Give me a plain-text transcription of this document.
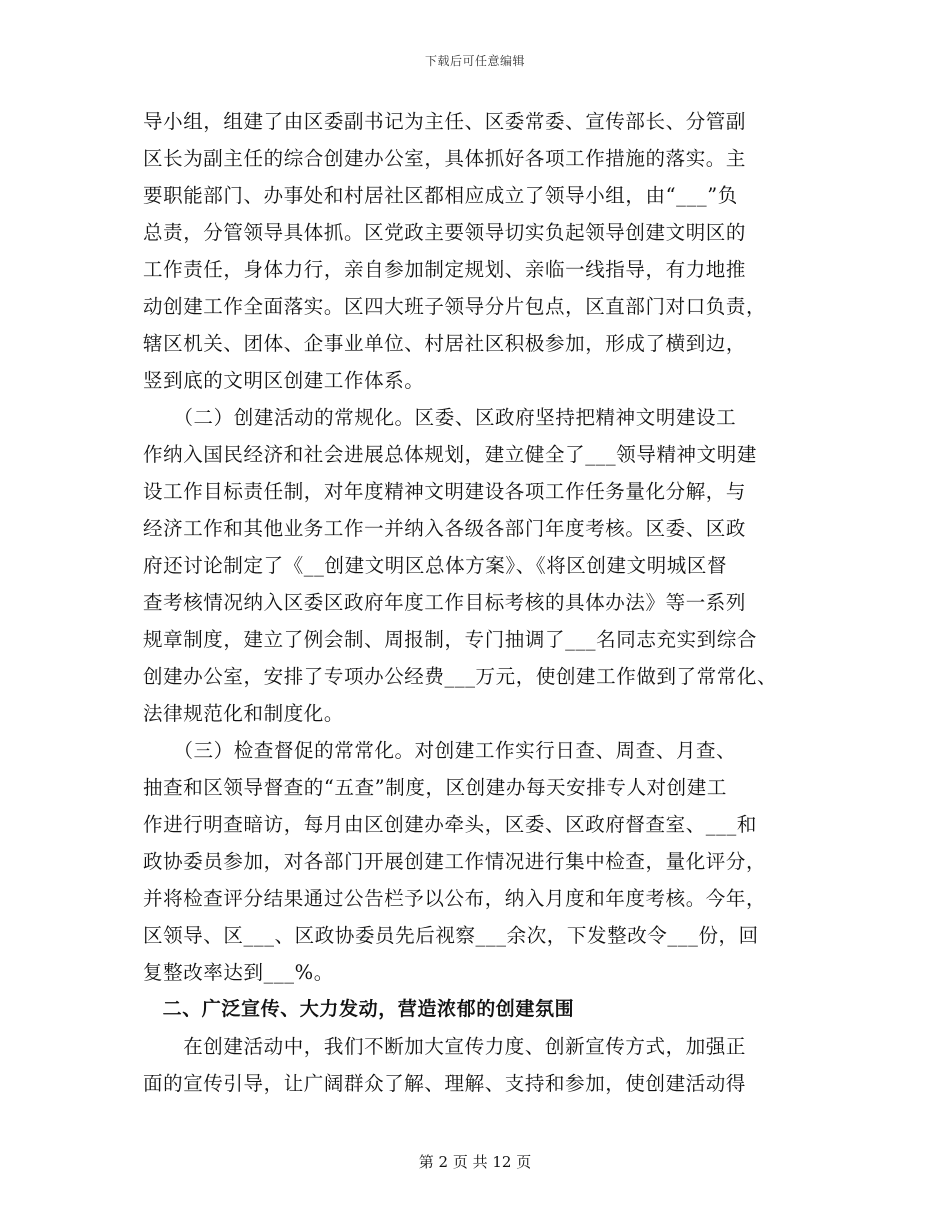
下载后可任意编辑
导小组，组建了由区委副书记为主任、区委常委、宣传部长、分管副
区长为副主任的综合创建办公室，具体抓好各项工作措施的落实。主
要职能部门、办事处和村居社区都相应成立了领导小组，由“___”负
总责，分管领导具体抓。区党政主要领导切实负起领导创建文明区的
工作责任，身体力行，亲自参加制定规划、亲临一线指导，有力地推
动创建工作全面落实。区四大班子领导分片包点，区直部门对口负责，
辖区机关、团体、企事业单位、村居社区积极参加，形成了横到边，
竖到底的文明区创建工作体系。
　　（二）创建活动的常规化。区委、区政府坚持把精神文明建设工
作纳入国民经济和社会进展总体规划，建立健全了___领导精神文明建
设工作目标责任制，对年度精神文明建设各项工作任务量化分解，与
经济工作和其他业务工作一并纳入各级各部门年度考核。区委、区政
府还讨论制定了《__创建文明区总体方案》、《将区创建文明城区督
查考核情况纳入区委区政府年度工作目标考核的具体办法》等一系列
规章制度，建立了例会制、周报制，专门抽调了___名同志充实到综合
创建办公室，安排了专项办公经费___万元，使创建工作做到了常常化、
法律规范化和制度化。
　　（三）检查督促的常常化。对创建工作实行日查、周查、月查、
抽查和区领导督查的“五查”制度，区创建办每天安排专人对创建工
作进行明查暗访，每月由区创建办牵头，区委、区政府督查室、___和
政协委员参加，对各部门开展创建工作情况进行集中检查，量化评分，
并将检查评分结果通过公告栏予以公布，纳入月度和年度考核。今年，
区领导、区___、区政协委员先后视察___余次，下发整改令___份，回
复整改率达到___%。
　二、广泛宣传、大力发动，营造浓郁的创建氛围
　　在创建活动中，我们不断加大宣传力度、创新宣传方式，加强正
面的宣传引导，让广阔群众了解、理解、支持和参加，使创建活动得
第 2 页 共 12 页
